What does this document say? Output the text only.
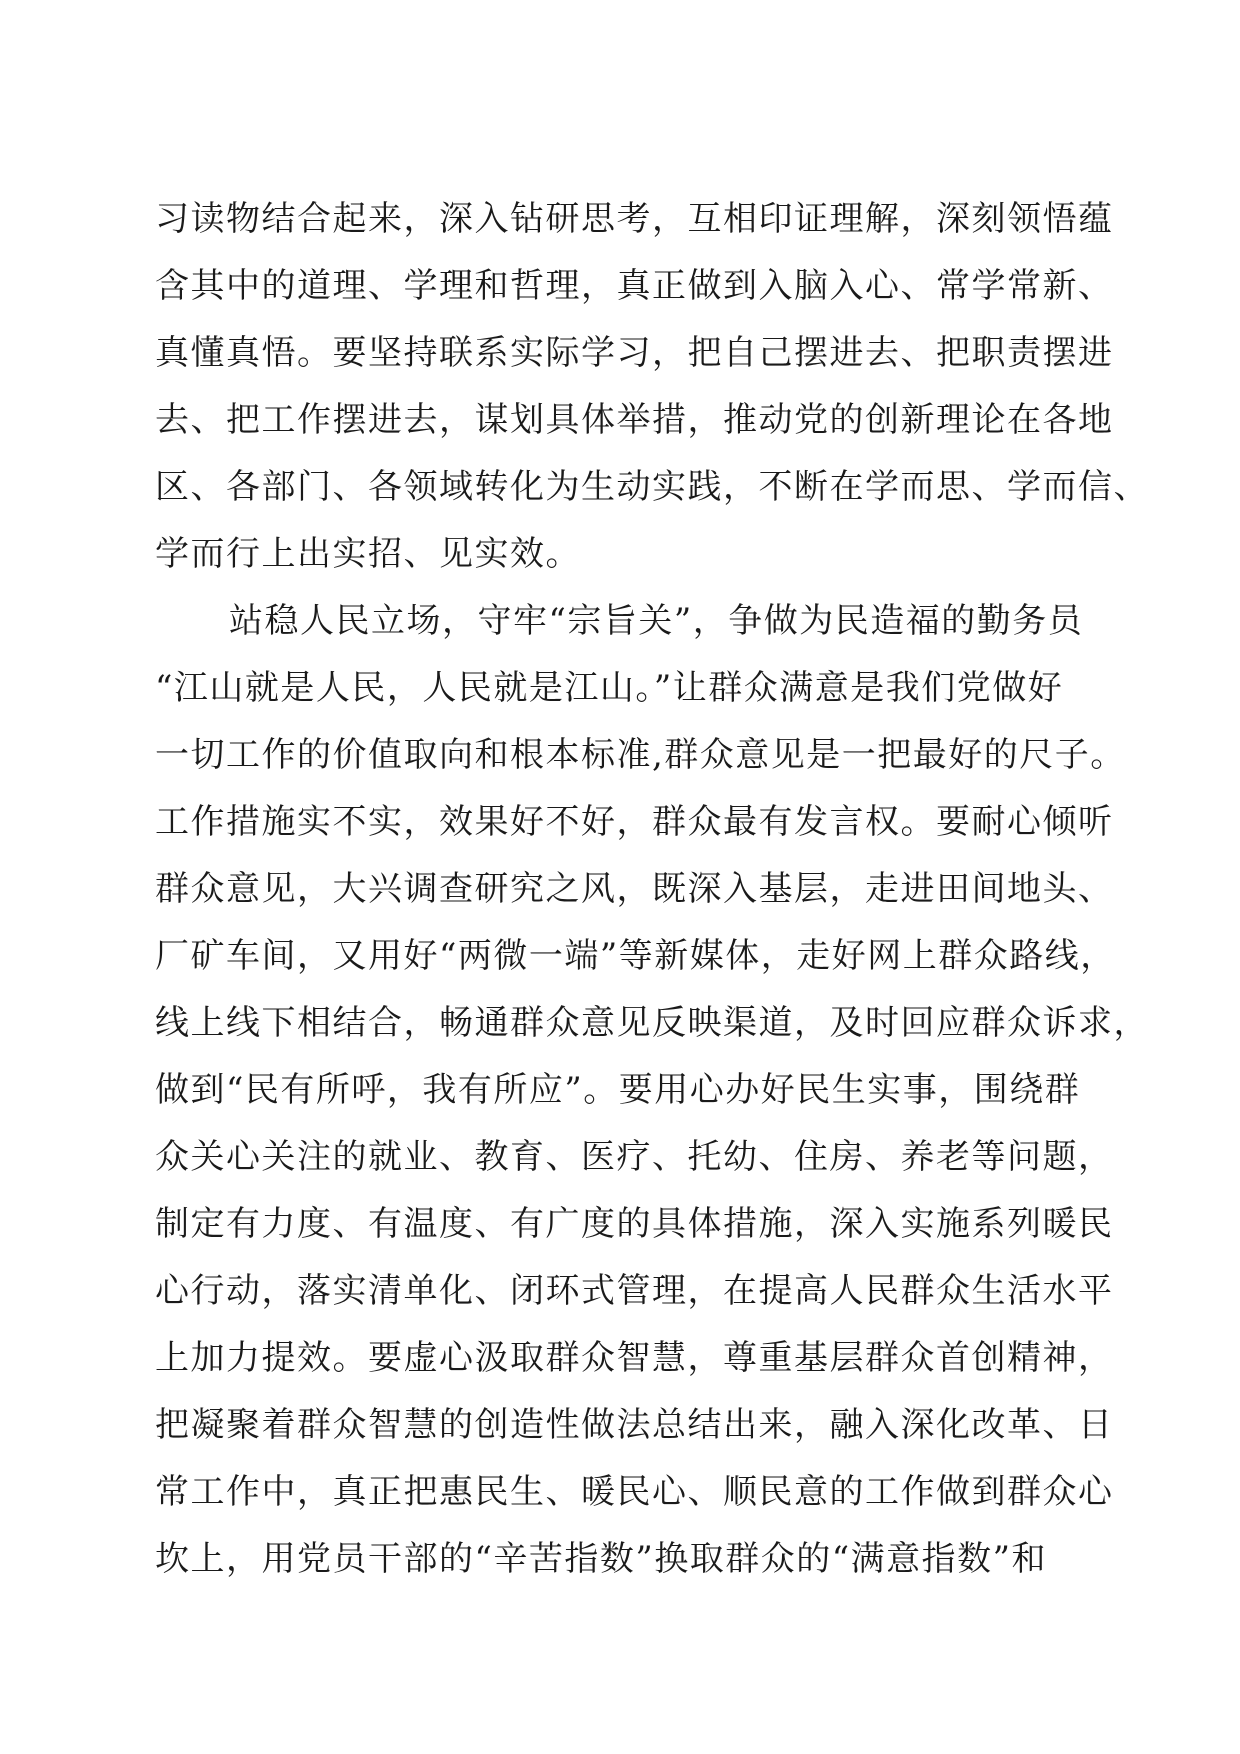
习读物结合起来，深入钻研思考，互相印证理解，深刻领悟蕴
含其中的道理、学理和哲理，真正做到入脑入心、常学常新、
真懂真悟。要坚持联系实际学习，把自己摆进去、把职责摆进
去、把工作摆进去，谋划具体举措，推动党的创新理论在各地
区、各部门、各领域转化为生动实践，不断在学而思、学而信、
学而行上出实招、见实效。
站稳人民立场，守牢“宗旨关”，争做为民造福的勤务员
“江山就是人民，人民就是江山。”让群众满意是我们党做好
一切工作的价值取向和根本标准,群众意见是一把最好的尺子。
工作措施实不实，效果好不好，群众最有发言权。要耐心倾听
群众意见，大兴调查研究之风，既深入基层，走进田间地头、
厂矿车间，又用好“两微一端”等新媒体，走好网上群众路线，
线上线下相结合，畅通群众意见反映渠道，及时回应群众诉求，
做到“民有所呼，我有所应”。要用心办好民生实事，围绕群
众关心关注的就业、教育、医疗、托幼、住房、养老等问题，
制定有力度、有温度、有广度的具体措施，深入实施系列暖民
心行动，落实清单化、闭环式管理，在提高人民群众生活水平
上加力提效。要虚心汲取群众智慧，尊重基层群众首创精神，
把凝聚着群众智慧的创造性做法总结出来，融入深化改革、日
常工作中，真正把惠民生、暖民心、顺民意的工作做到群众心
坎上，用党员干部的“辛苦指数”换取群众的“满意指数”和
